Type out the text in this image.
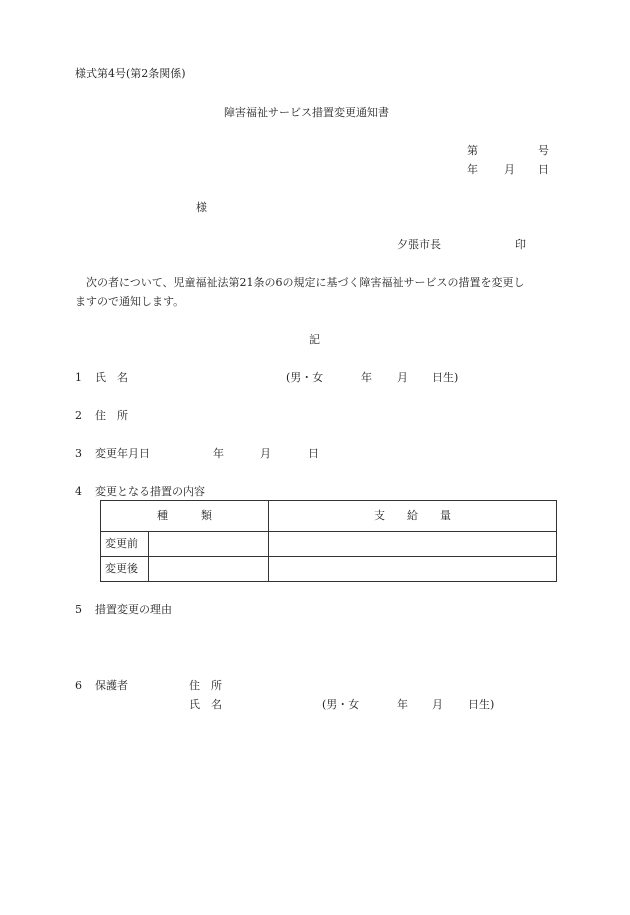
様式第4号(第2条関係)
障害福祉サービス措置変更通知書
第	号
年 月 日
様
夕張市長	印
次の者について、児童福祉法第21条の6の規定に基づく障害福祉サービスの措置を変更し
ますので通知します。
記
1 氏　名	(男・女	年 月 日生)
2 住　所
3 変更年月日	年	月	日
4 変更となる措置の内容
種　　　類		支　　給　　量
変更前		
変更後		
5 措置変更の理由
6 保護者	住　所
氏　名	(男・女	年 月 日生)
